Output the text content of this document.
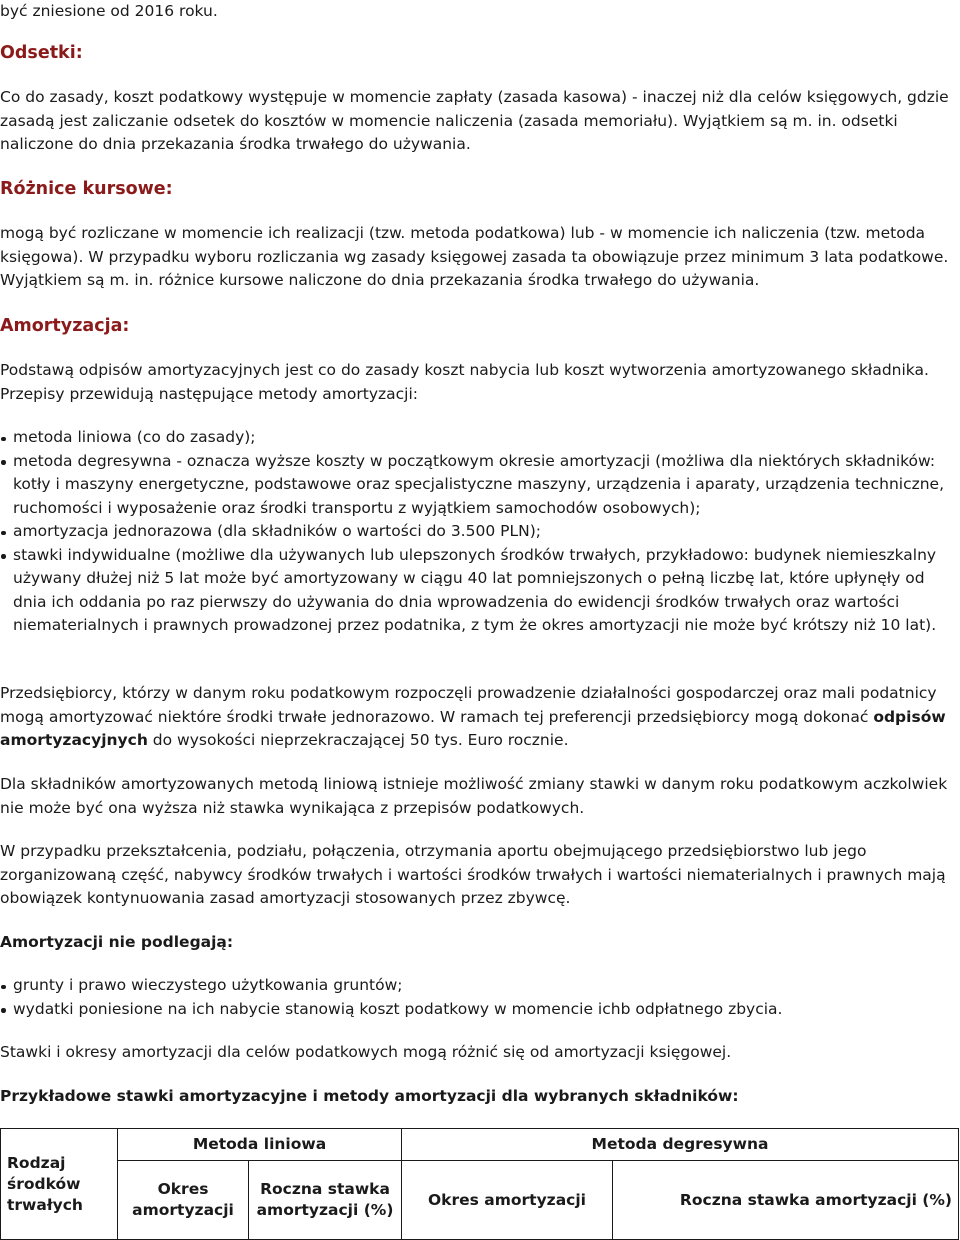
być zniesione od 2016 roku.

Odsetki:

Co do zasady, koszt podatkowy występuje w momencie zapłaty (zasada kasowa) - inaczej niż dla celów księgowych, gdzie zasadą jest zaliczanie odsetek do kosztów w momencie naliczenia (zasada memoriału). Wyjątkiem są m. in. odsetki naliczone do dnia przekazania środka trwałego do używania.

Różnice kursowe:

mogą być rozliczane w momencie ich realizacji (tzw. metoda podatkowa) lub - w momencie ich naliczenia (tzw. metoda księgowa). W przypadku wyboru rozliczania wg zasady księgowej zasada ta obowiązuje przez minimum 3 lata podatkowe. Wyjątkiem są m. in. różnice kursowe naliczone do dnia przekazania środka trwałego do używania.

Amortyzacja:

Podstawą odpisów amortyzacyjnych jest co do zasady koszt nabycia lub koszt wytworzenia amortyzowanego składnika. Przepisy przewidują następujące metody amortyzacji:

metoda liniowa (co do zasady);
metoda degresywna - oznacza wyższe koszty w początkowym okresie amortyzacji (możliwa dla niektórych składników: kotły i maszyny energetyczne, podstawowe oraz specjalistyczne maszyny, urządzenia i aparaty, urządzenia techniczne, ruchomości i wyposażenie oraz środki transportu z wyjątkiem samochodów osobowych);
amortyzacja jednorazowa (dla składników o wartości do 3.500 PLN);
stawki indywidualne (możliwe dla używanych lub ulepszonych środków trwałych, przykładowo: budynek niemieszkalny używany dłużej niż 5 lat może być amortyzowany w ciągu 40 lat pomniejszonych o pełną liczbę lat, które upłynęły od dnia ich oddania po raz pierwszy do używania do dnia wprowadzenia do ewidencji środków trwałych oraz wartości niematerialnych i prawnych prowadzonej przez podatnika, z tym że okres amortyzacji nie może być krótszy niż 10 lat).

Przedsiębiorcy, którzy w danym roku podatkowym rozpoczęli prowadzenie działalności gospodarczej oraz mali podatnicy mogą amortyzować niektóre środki trwałe jednorazowo. W ramach tej preferencji przedsiębiorcy mogą dokonać odpisów amortyzacyjnych do wysokości nieprzekraczającej 50 tys. Euro rocznie.

Dla składników amortyzowanych metodą liniową istnieje możliwość zmiany stawki w danym roku podatkowym aczkolwiek nie może być ona wyższa niż stawka wynikająca z przepisów podatkowych.

W przypadku przekształcenia, podziału, połączenia, otrzymania aportu obejmującego przedsiębiorstwo lub jego zorganizowaną część, nabywcy środków trwałych i wartości środków trwałych i wartości niematerialnych i prawnych mają obowiązek kontynuowania zasad amortyzacji stosowanych przez zbywcę.

Amortyzacji nie podlegają:

grunty i prawo wieczystego użytkowania gruntów;
wydatki poniesione na ich nabycie stanowią koszt podatkowy w momencie ichb odpłatnego zbycia.

Stawki i okresy amortyzacji dla celów podatkowych mogą różnić się od amortyzacji księgowej.

Przykładowe stawki amortyzacyjne i metody amortyzacji dla wybranych składników:

Rodzaj środków trwałych	Metoda liniowa		Metoda degresywna	
	Okres amortyzacji	Roczna stawka amortyzacji (%)	Okres amortyzacji	Roczna stawka amortyzacji (%)
